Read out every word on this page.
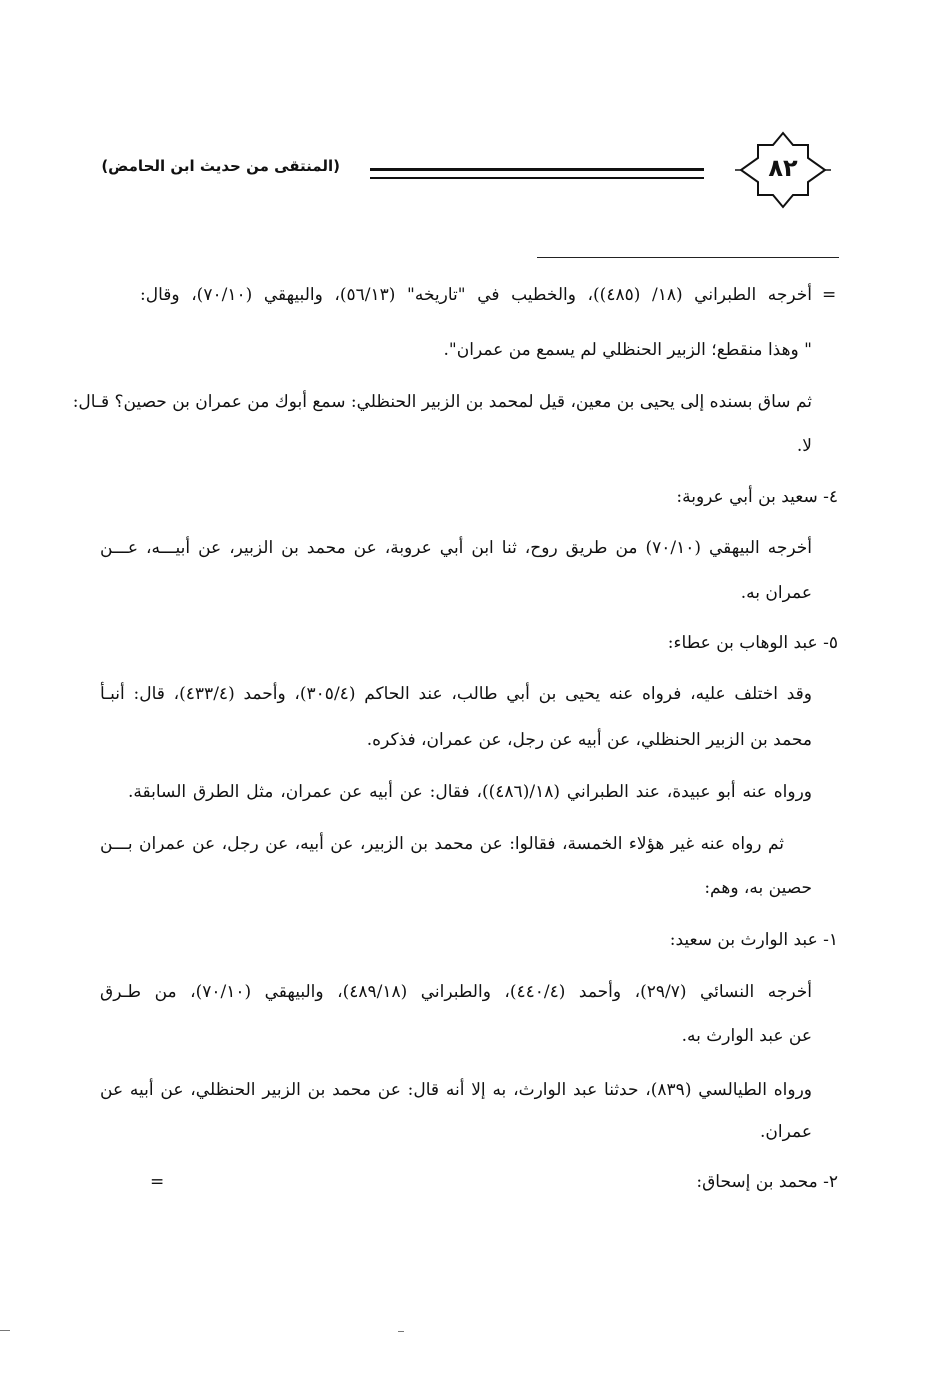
٨٢
(المنتقى من حديث ابن الحامض)
=
أخرجه الطبراني (١٨/ (٤٨٥))، والخطيب في "تاريخه" (٥٦/١٣)، والبيهقي (٧٠/١٠)، وقال:
" وهذا منقطع؛ الزبير الحنظلي لم يسمع من عمران".
ثم ساق بسنده إلى يحيى بن معين، قيل لمحمد بن الزبير الحنظلي: سمع أبوك من عمران بن حصين؟ قـال:
لا.
٤- سعيد بن أبي عروبة:
أخرجه البيهقي (٧٠/١٠) من طريق روح، ثنا ابن أبي عروبة، عن محمد بن الزبير، عن أبيـــه، عـــن
عمران به.
٥- عبد الوهاب بن عطاء:
وقد اختلف عليه، فرواه عنه يحيى بن أبي طالب، عند الحاكم (٣٠٥/٤)، وأحمد (٤٣٣/٤)، قال: أنبـأ
محمد بن الزبير الحنظلي، عن أبيه عن رجل، عن عمران، فذكره.
ورواه عنه أبو عبيدة، عند الطبراني (١٨/(٤٨٦))، فقال: عن أبيه عن عمران، مثل الطرق السابقة.
ثم رواه عنه غير هؤلاء الخمسة، فقالوا: عن محمد بن الزبير، عن أبيه، عن رجل، عن عمران بـــن
حصين به، وهم:
١- عبد الوارث بن سعيد:
أخرجه النسائي (٢٩/٧)، وأحمد (٤٤٠/٤)، والطبراني (٤٨٩/١٨)، والبيهقي (٧٠/١٠)، من طـرق
عن عبد الوارث به.
ورواه الطيالسي (٨٣٩)، حدثنا عبد الوارث، به إلا أنه قال: عن محمد بن الزبير الحنظلي، عن أبيه عن
عمران.
٢- محمد بن إسحاق:
=
